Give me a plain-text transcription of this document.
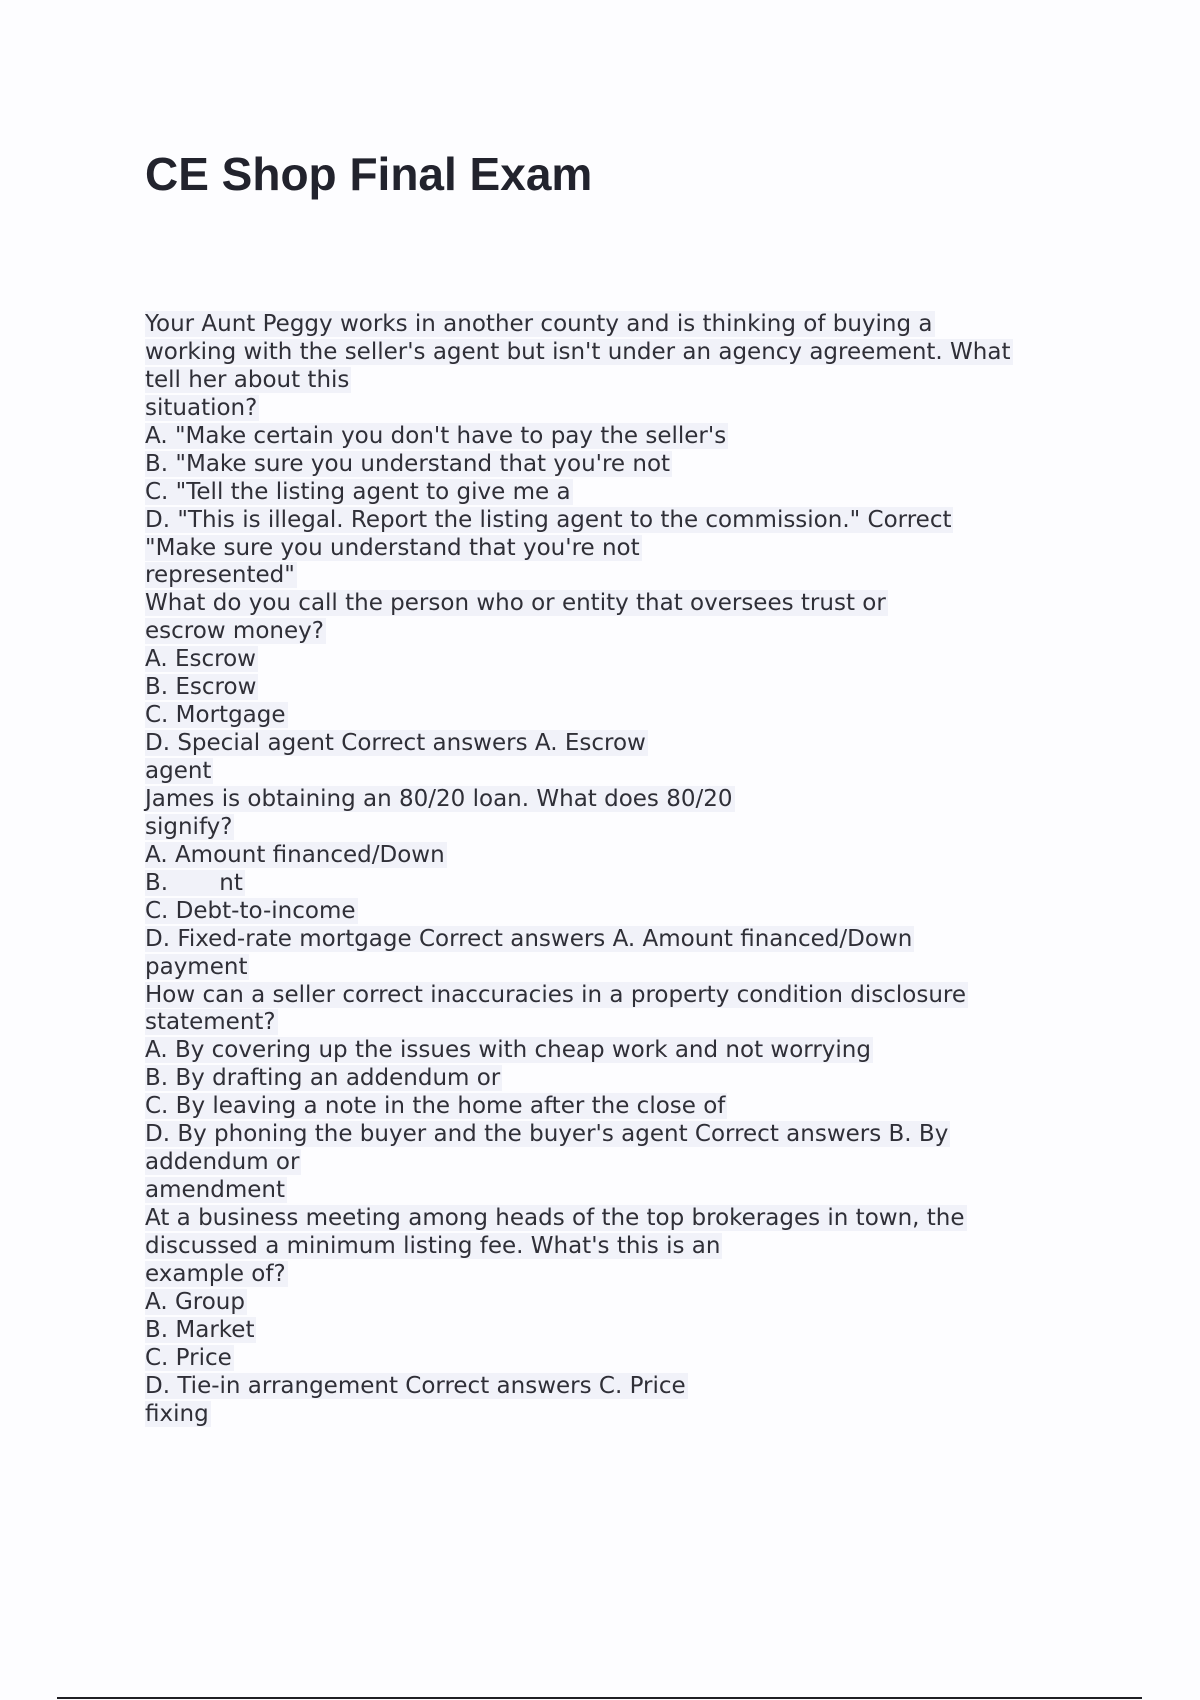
CE Shop Final Exam
Your Aunt Peggy works in another county and is thinking of buying a
working with the seller's agent but isn't under an agency agreement. What
tell her about this
situation?
A. "Make certain you don't have to pay the seller's
B. "Make sure you understand that you're not
C. "Tell the listing agent to give me a
D. "This is illegal. Report the listing agent to the commission." Correct
"Make sure you understand that you're not
represented"
What do you call the person who or entity that oversees trust or
escrow money?
A. Escrow
B. Escrow
C. Mortgage
D. Special agent Correct answers A. Escrow
agent
James is obtaining an 80/20 loan. What does 80/20
signify?
A. Amount financed/Down
B.       nt
C. Debt-to-income
D. Fixed-rate mortgage Correct answers A. Amount financed/Down
payment
How can a seller correct inaccuracies in a property condition disclosure
statement?
A. By covering up the issues with cheap work and not worrying
B. By drafting an addendum or
C. By leaving a note in the home after the close of
D. By phoning the buyer and the buyer's agent Correct answers B. By
addendum or
amendment
At a business meeting among heads of the top brokerages in town, the
discussed a minimum listing fee. What's this is an
example of?
A. Group
B. Market
C. Price
D. Tie-in arrangement Correct answers C. Price
fixing
